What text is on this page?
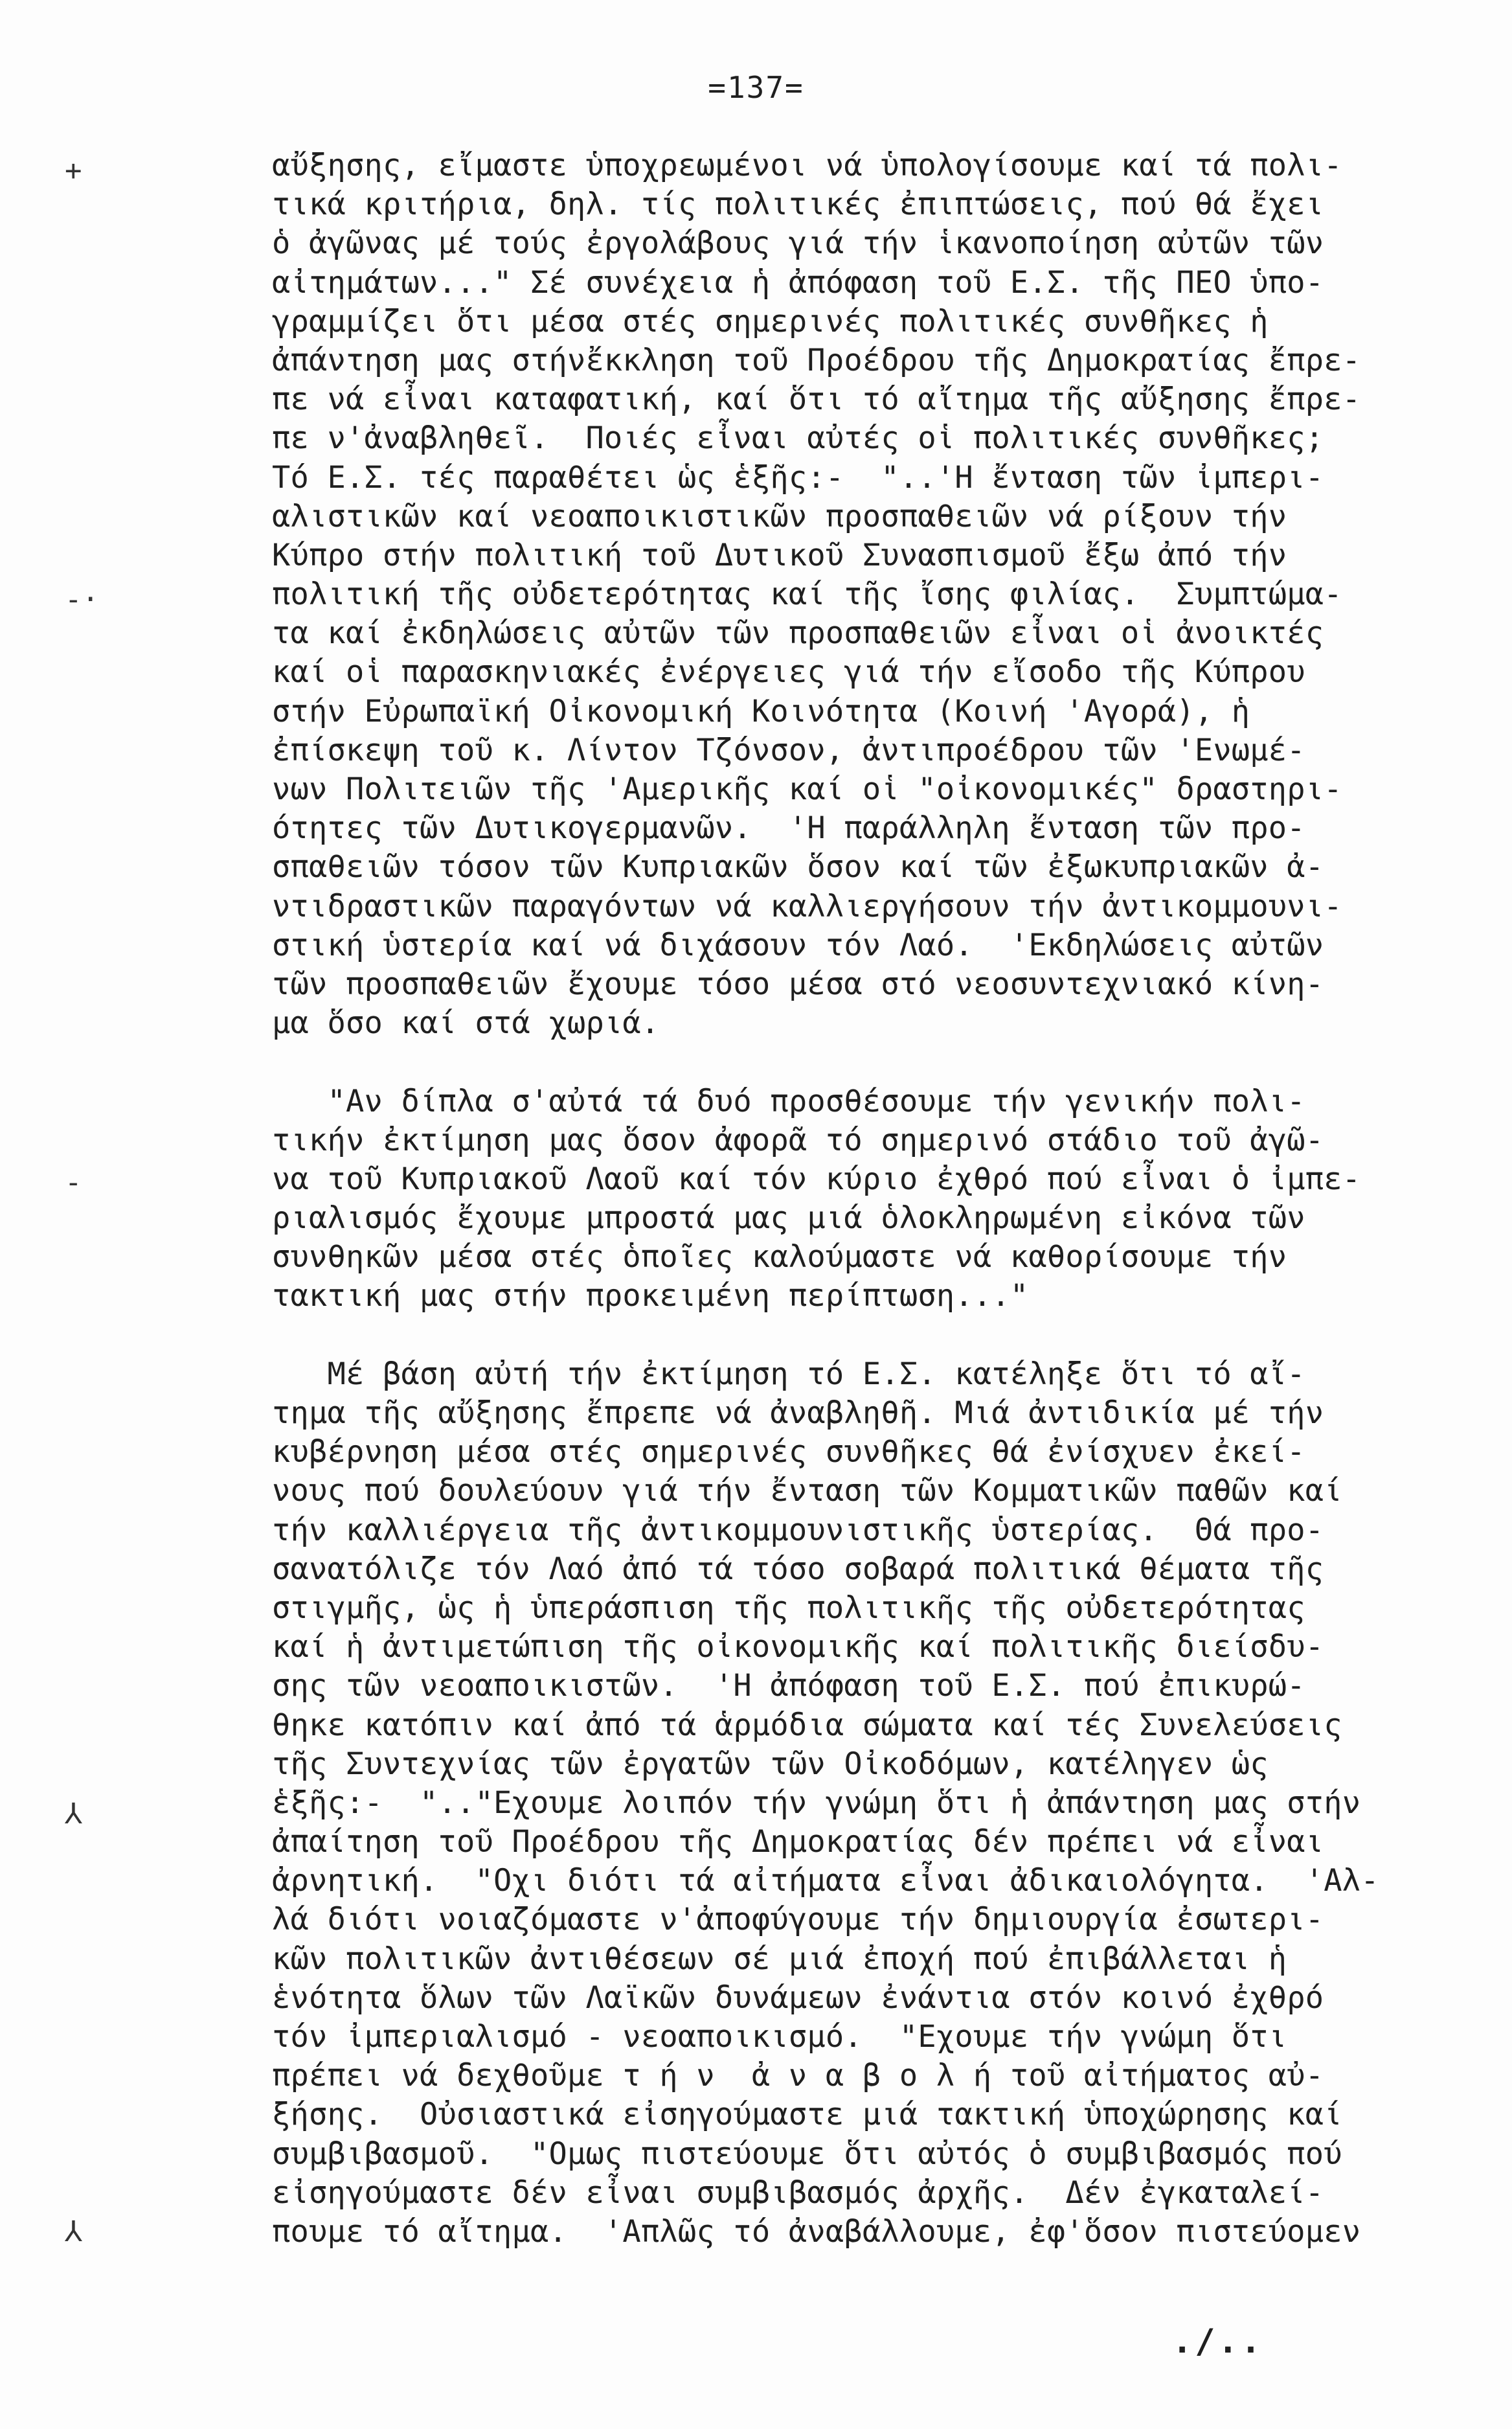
=137=
+
-·
-
⅄
⅄
αὔξησης, εἴμαστε ὑποχρεωμένοι νά ὑπολογίσουμε καί τά πολι-
τικά κριτήρια, δηλ. τίς πολιτικές ἐπιπτώσεις, πού θά ἔχει
ὁ ἀγῶνας μέ τούς ἐργολάβους γιά τήν ἱκανοποίηση αὐτῶν τῶν
αἰτημάτων..." Σέ συνέχεια ἡ ἀπόφαση τοῦ Ε.Σ. τῆς ΠΕΟ ὑπο-
γραμμίζει ὅτι μέσα στές σημερινές πολιτικές συνθῆκες ἡ
ἀπάντηση μας στήνἔκκληση τοῦ Προέδρου τῆς Δημοκρατίας ἔπρε-
πε νά εἶναι καταφατική, καί ὅτι τό αἴτημα τῆς αὔξησης ἔπρε-
πε ν'ἀναβληθεῖ.  Ποιές εἶναι αὐτές οἱ πολιτικές συνθῆκες;
Τό Ε.Σ. τές παραθέτει ὡς ἑξῆς:-  "..'Η ἔνταση τῶν ἰμπερι-
αλιστικῶν καί νεοαποικιστικῶν προσπαθειῶν νά ρίξουν τήν
Κύπρο στήν πολιτική τοῦ Δυτικοῦ Συνασπισμοῦ ἔξω ἀπό τήν
πολιτική τῆς οὐδετερότητας καί τῆς ἴσης φιλίας.  Συμπτώμα-
τα καί ἐκδηλώσεις αὐτῶν τῶν προσπαθειῶν εἶναι οἱ ἀνοικτές
καί οἱ παρασκηνιακές ἐνέργειες γιά τήν εἴσοδο τῆς Κύπρου
στήν Εὐρωπαϊκή Οἰκονομική Κοινότητα (Κοινή 'Αγορά), ἡ
ἐπίσκεψη τοῦ κ. Λίντον Τζόνσον, ἀντιπροέδρου τῶν 'Ενωμέ-
νων Πολιτειῶν τῆς 'Αμερικῆς καί οἱ "οἰκονομικές" δραστηρι-
ότητες τῶν Δυτικογερμανῶν.  'Η παράλληλη ἔνταση τῶν προ-
σπαθειῶν τόσον τῶν Κυπριακῶν ὅσον καί τῶν ἐξωκυπριακῶν ἀ-
ντιδραστικῶν παραγόντων νά καλλιεργήσουν τήν ἀντικομμουνι-
στική ὑστερία καί νά διχάσουν τόν Λαό.  'Εκδηλώσεις αὐτῶν
τῶν προσπαθειῶν ἔχουμε τόσο μέσα στό νεοσυντεχνιακό κίνη-
μα ὅσο καί στά χωριά.
"Αν δίπλα σ'αὐτά τά δυό προσθέσουμε τήν γενικήν πολι-
τικήν ἐκτίμηση μας ὅσον ἀφορᾶ τό σημερινό στάδιο τοῦ ἀγῶ-
να τοῦ Κυπριακοῦ Λαοῦ καί τόν κύριο ἐχθρό πού εἶναι ὁ ἰμπε-
ριαλισμός ἔχουμε μπροστά μας μιά ὁλοκληρωμένη εἰκόνα τῶν
συνθηκῶν μέσα στές ὁποῖες καλούμαστε νά καθορίσουμε τήν
τακτική μας στήν προκειμένη περίπτωση..."
Μέ βάση αὐτή τήν ἐκτίμηση τό Ε.Σ. κατέληξε ὅτι τό αἴ-
τημα τῆς αὔξησης ἔπρεπε νά ἀναβληθῆ. Μιά ἀντιδικία μέ τήν
κυβέρνηση μέσα στές σημερινές συνθῆκες θά ἐνίσχυεν ἐκεί-
νους πού δουλεύουν γιά τήν ἔνταση τῶν Κομματικῶν παθῶν καί
τήν καλλιέργεια τῆς ἀντικομμουνιστικῆς ὑστερίας.  Θά προ-
σανατόλιζε τόν Λαό ἀπό τά τόσο σοβαρά πολιτικά θέματα τῆς
στιγμῆς, ὡς ἡ ὑπεράσπιση τῆς πολιτικῆς τῆς οὐδετερότητας
καί ἡ ἀντιμετώπιση τῆς οἰκονομικῆς καί πολιτικῆς διείσδυ-
σης τῶν νεοαποικιστῶν.  'Η ἀπόφαση τοῦ Ε.Σ. πού ἐπικυρώ-
θηκε κατόπιν καί ἀπό τά ἁρμόδια σώματα καί τές Συνελεύσεις
τῆς Συντεχνίας τῶν ἐργατῶν τῶν Οἰκοδόμων, κατέληγεν ὡς
ἑξῆς:-  ".."Εχουμε λοιπόν τήν γνώμη ὅτι ἡ ἀπάντηση μας στήν
ἀπαίτηση τοῦ Προέδρου τῆς Δημοκρατίας δέν πρέπει νά εἶναι
ἀρνητική.  "Οχι διότι τά αἰτήματα εἶναι ἀδικαιολόγητα.  'Αλ-
λά διότι νοιαζόμαστε ν'ἀποφύγουμε τήν δημιουργία ἐσωτερι-
κῶν πολιτικῶν ἀντιθέσεων σέ μιά ἐποχή πού ἐπιβάλλεται ἡ
ἑνότητα ὅλων τῶν Λαϊκῶν δυνάμεων ἐνάντια στόν κοινό ἐχθρό
τόν ἰμπεριαλισμό - νεοαποικισμό.  "Εχουμε τήν γνώμη ὅτι
πρέπει νά δεχθοῦμε τ ή ν  ἀ ν α β ο λ ή τοῦ αἰτήματος αὐ-
ξήσης.  Οὐσιαστικά εἰσηγούμαστε μιά τακτική ὑποχώρησης καί
συμβιβασμοῦ.  "Ομως πιστεύουμε ὅτι αὐτός ὁ συμβιβασμός πού
εἰσηγούμαστε δέν εἶναι συμβιβασμός ἀρχῆς.  Δέν ἐγκαταλεί-
πουμε τό αἴτημα.  'Απλῶς τό ἀναβάλλουμε, ἐφ'ὅσον πιστεύομεν
./..
